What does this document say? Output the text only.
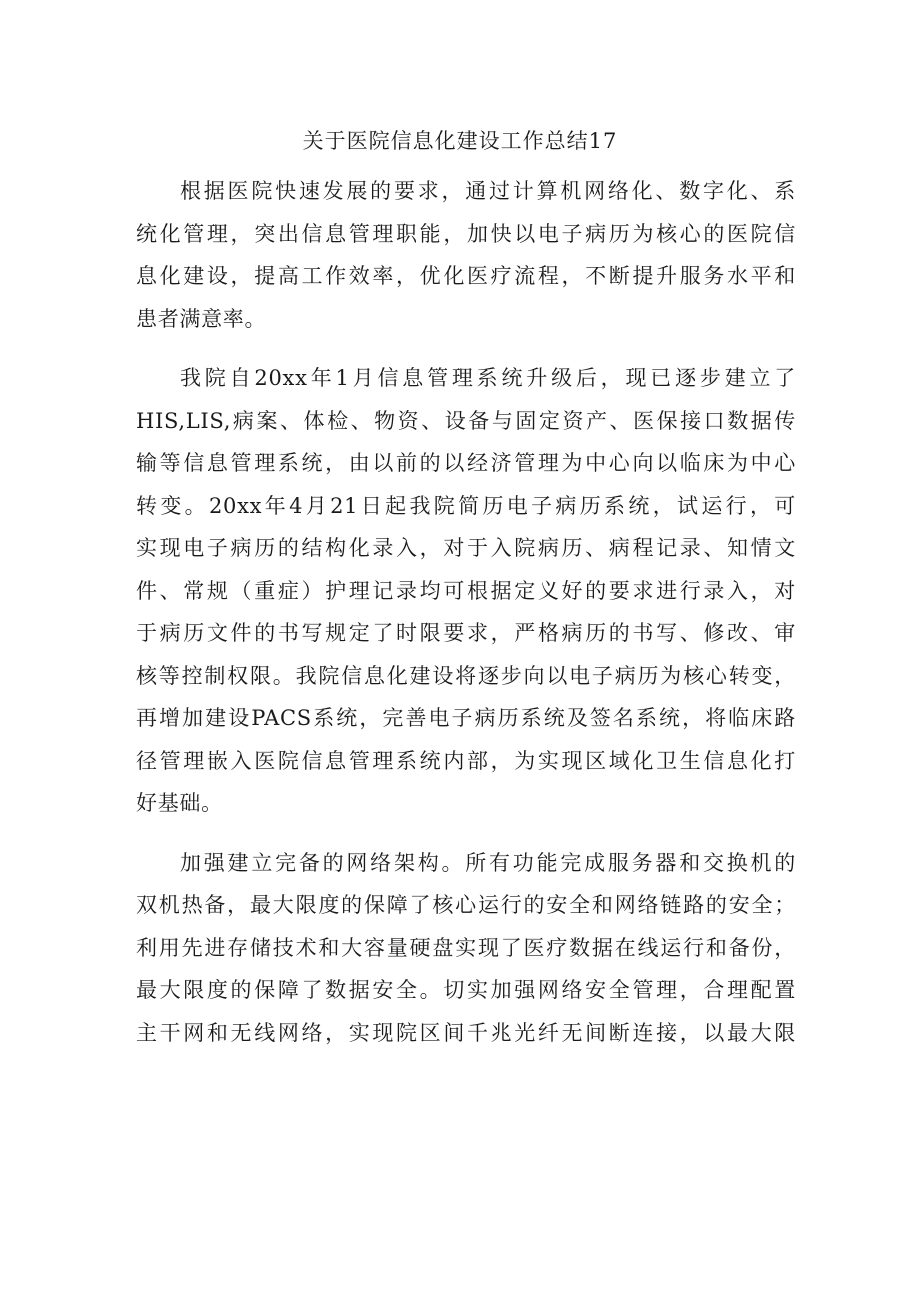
关于医院信息化建设工作总结17
根据医院快速发展的要求，通过计算机网络化、数字化、系
统化管理，突出信息管理职能，加快以电子病历为核心的医院信
息化建设，提高工作效率，优化医疗流程，不断提升服务水平和
患者满意率。
我院自20xx年1月信息管理系统升级后，现已逐步建立了
HIS,LIS,病案、体检、物资、设备与固定资产、医保接口数据传
输等信息管理系统，由以前的以经济管理为中心向以临床为中心
转变。20xx年4月21日起我院简历电子病历系统，试运行，可
实现电子病历的结构化录入，对于入院病历、病程记录、知情文
件、常规（重症）护理记录均可根据定义好的要求进行录入，对
于病历文件的书写规定了时限要求，严格病历的书写、修改、审
核等控制权限。我院信息化建设将逐步向以电子病历为核心转变，
再增加建设PACS系统，完善电子病历系统及签名系统，将临床路
径管理嵌入医院信息管理系统内部，为实现区域化卫生信息化打
好基础。
加强建立完备的网络架构。所有功能完成服务器和交换机的
双机热备，最大限度的保障了核心运行的安全和网络链路的安全；
利用先进存储技术和大容量硬盘实现了医疗数据在线运行和备份，
最大限度的保障了数据安全。切实加强网络安全管理，合理配置
主干网和无线网络，实现院区间千兆光纤无间断连接，以最大限
